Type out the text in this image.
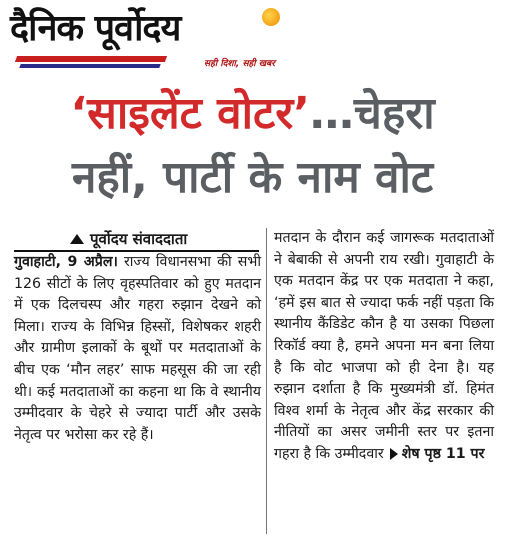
दैनिक पूर्वोदय
सही दिशा, सही खबर
‘साइलेंट वोटर’…चेहरा
नहीं, पार्टी के नाम वोट
पूर्वोदय संवाददाता

गुवाहाटी, 9 अप्रैल। राज्य विधानसभा की सभी 126 सीटों के लिए वृहस्पतिवार को हुए मतदान में एक दिलचस्प और गहरा रुझान देखने को मिला। राज्य के विभिन्न हिस्सों, विशेषकर शहरी और ग्रामीण इलाकों के बूथों पर मतदाताओं के बीच एक ‘मौन लहर’ साफ महसूस की जा रही थी। कई मतदाताओं का कहना था कि वे स्थानीय उम्मीदवार के चेहरे से ज्यादा पार्टी और उसके नेतृत्व पर भरोसा कर रहे हैं।

मतदान के दौरान कई जागरूक मतदाताओं ने बेबाकी से अपनी राय रखी। गुवाहाटी के एक मतदान केंद्र पर एक मतदाता ने कहा, ‘हमें इस बात से ज्यादा फर्क नहीं पड़ता कि स्थानीय कैंडिडेट कौन है या उसका पिछला रिकॉर्ड क्या है, हमने अपना मन बना लिया है कि वोट भाजपा को ही देना है। यह रुझान दर्शाता है कि मुख्यमंत्री डॉ. हिमंत विश्व शर्मा के नेतृत्व और केंद्र सरकार की नीतियों का असर जमीनी स्तर पर इतना गहरा है कि उम्मीदवार शेष पृष्ठ 11 पर
